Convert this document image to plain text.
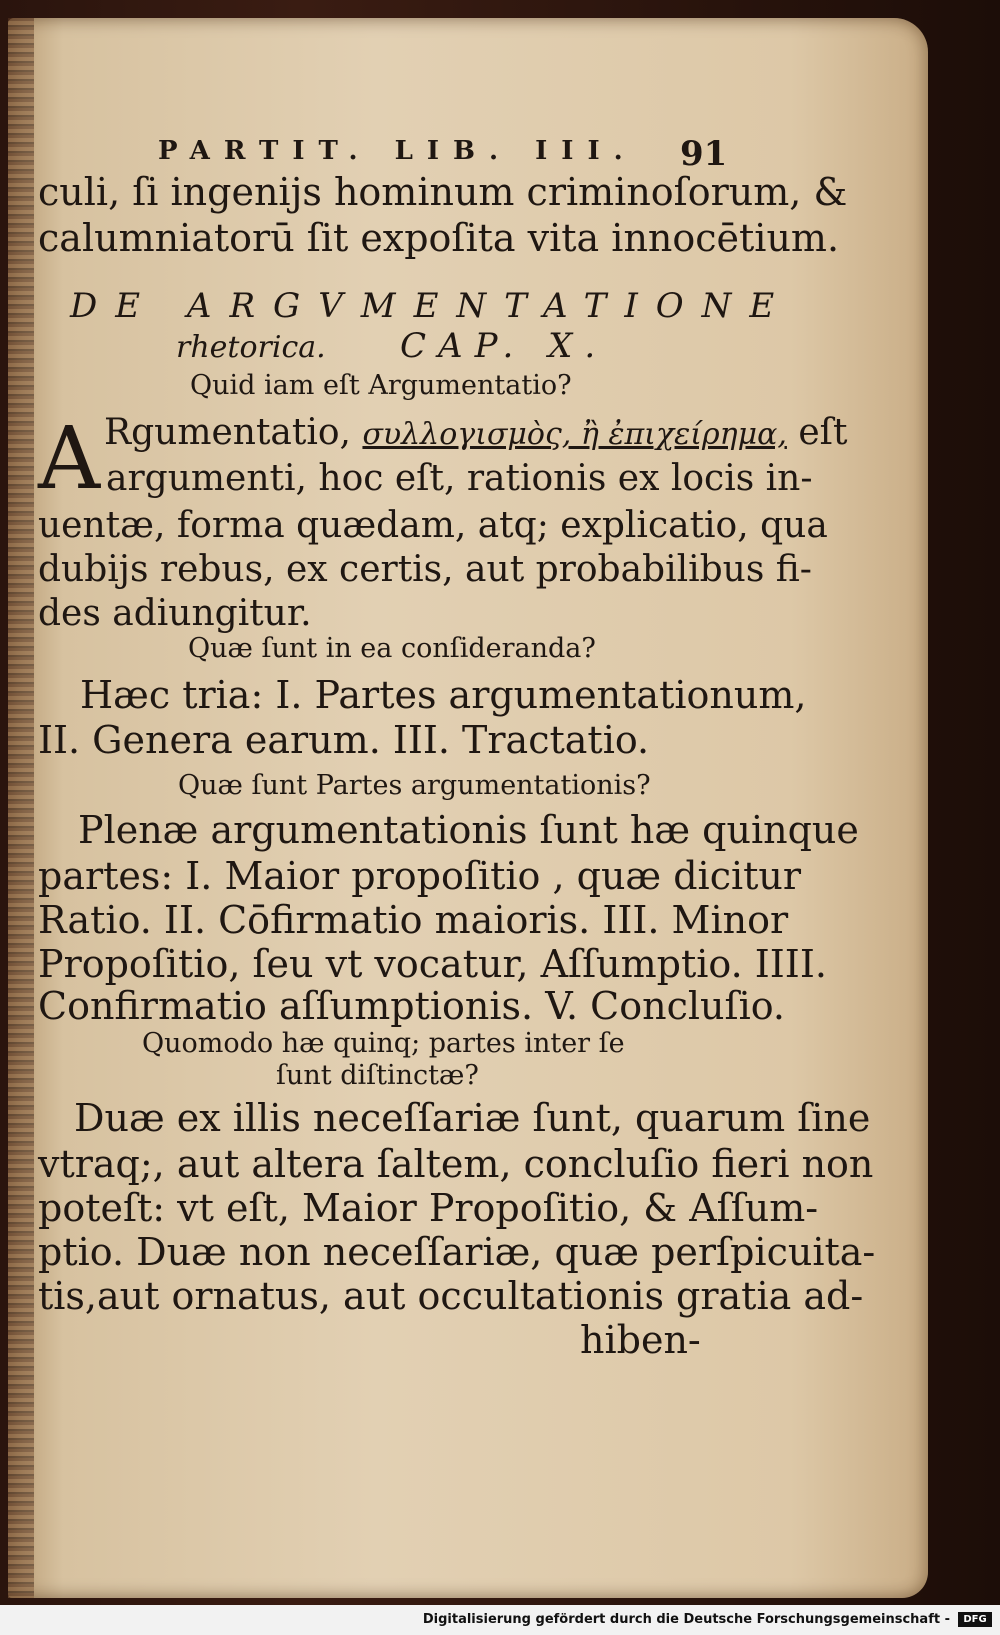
PARTIT. LIB. III. 91
culi, ſi ingenijs hominum criminoſorum, &
calumniatorū ſit expoſita vita innocētium.
DE ARGVMENTATIONE
rhetorica. CAP. X.
Quid iam eſt Argumentatio?
A Rgumentatio, συλλογισμὸς, ἢ ἐπιχείρημα, eſt
argumenti, hoc eſt, rationis ex locis in-
uentæ, forma quædam, atq; explicatio, qua
dubijs rebus, ex certis, aut probabilibus fi-
des adiungitur.
Quæ ſunt in ea conſideranda?
Hæc tria: I. Partes argumentationum,
II. Genera earum. III. Tractatio.
Quæ ſunt Partes argumentationis?
Plenæ argumentationis ſunt hæ quinque
partes: I. Maior propoſitio , quæ dicitur
Ratio. II. Cōfirmatio maioris. III. Minor
Propoſitio, ſeu vt vocatur, Aſſumptio. IIII.
Confirmatio aſſumptionis. V. Concluſio.
Quomodo hæ quinq; partes inter ſe
ſunt diſtinctæ?
Duæ ex illis neceſſariæ ſunt, quarum ſine
vtraq;, aut altera ſaltem, concluſio fieri non
poteſt: vt eſt, Maior Propoſitio, & Aſſum-
ptio. Duæ non neceſſariæ, quæ perſpicuita-
tis,aut ornatus, aut occultationis gratia ad-
hiben-
Digitalisierung gefördert durch die Deutsche Forschungsgemeinschaft -	DFG
